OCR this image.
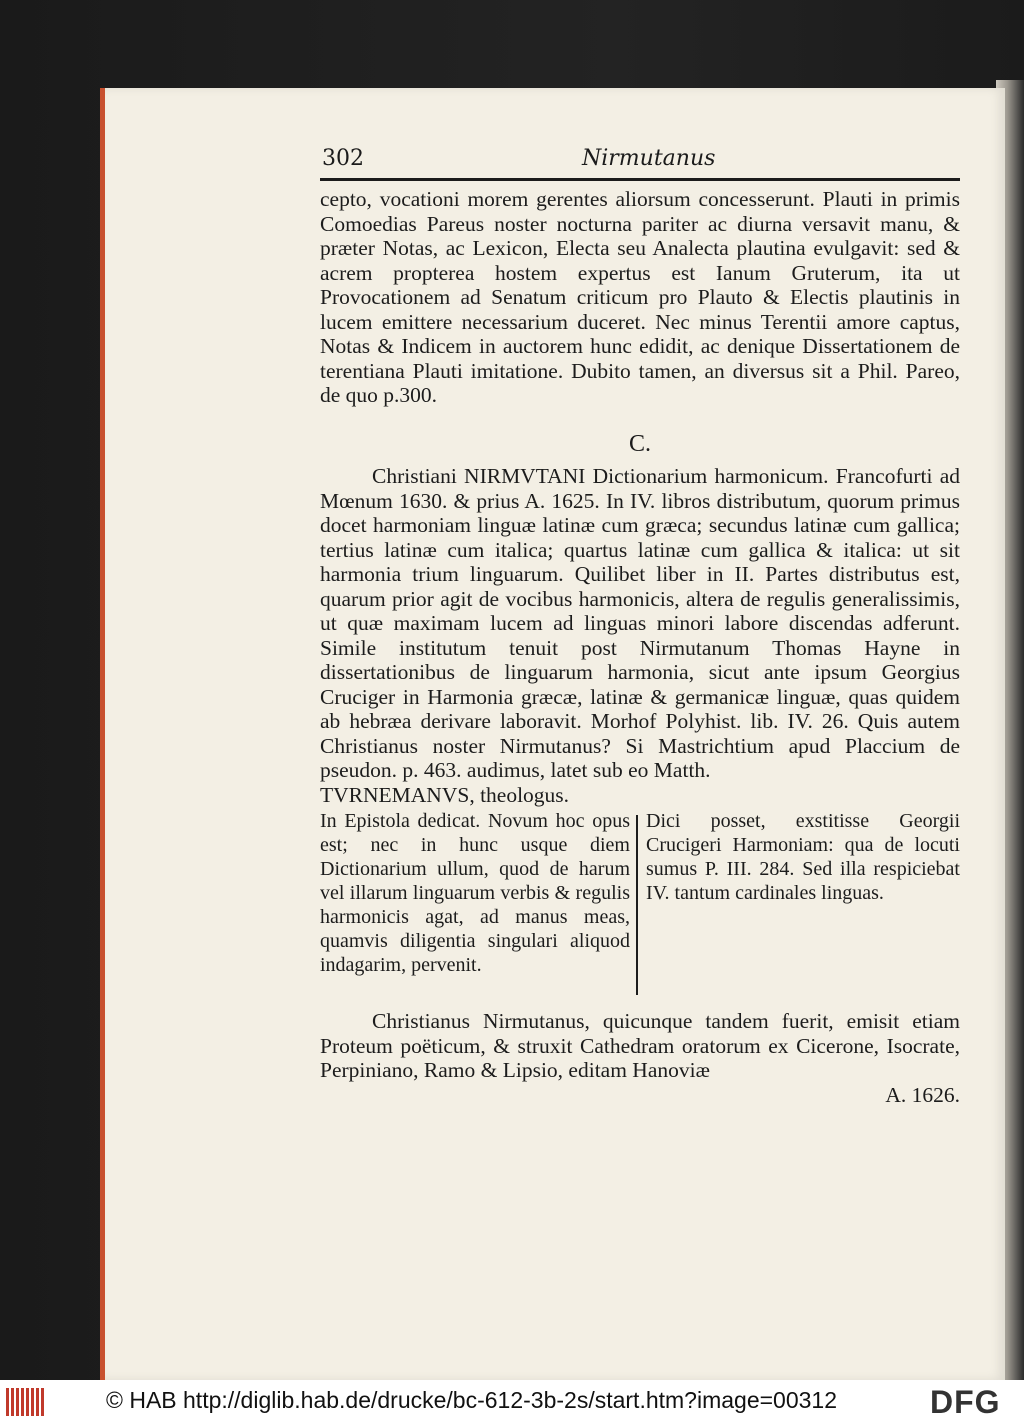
302	Nirmutanus

cepto, vocationi morem gerentes aliorsum concesserunt. Plauti in primis Comoedias Pareus noster nocturna pariter ac diurna versavit manu, & præter Notas, ac Lexicon, Electa seu Analecta plautina evulgavit: sed & acrem propterea hostem expertus est Ianum Gruterum, ita ut Provocationem ad Senatum criticum pro Plauto & Electis plautinis in lucem emittere necessarium duceret. Nec minus Terentii amore captus, Notas & Indicem in auctorem hunc edidit, ac denique Dissertationem de terentiana Plauti imitatione. Dubito tamen, an diversus sit a Phil. Pareo, de quo p.300.

C.

Christiani NIRMVTANI Dictionarium harmonicum. Francofurti ad Mœnum 1630. & prius A. 1625. In IV. libros distributum, quorum primus docet harmoniam linguæ latinæ cum græca; secundus latinæ cum gallica; tertius latinæ cum italica; quartus latinæ cum gallica & italica: ut sit harmonia trium linguarum. Quilibet liber in II. Partes distributus est, quarum prior agit de vocibus harmonicis, altera de regulis generalissimis, ut quæ maximam lucem ad linguas minori labore discendas adferunt. Simile institutum tenuit post Nirmutanum Thomas Hayne in dissertationibus de linguarum harmonia, sicut ante ipsum Georgius Cruciger in Harmonia græcæ, latinæ & germanicæ linguæ, quas quidem ab hebræa derivare laboravit. Morhof Polyhist. lib. IV. 26. Quis autem Christianus noster Nirmutanus? Si Mastrichtium apud Placcium de pseudon. p. 463. audimus, latet sub eo Matth.

TVRNEMANVS, theologus.

In Epistola dedicat. Novum hoc opus est; nec in hunc usque diem Dictionarium ullum, quod de harum vel illarum linguarum verbis & regulis harmonicis agat, ad manus meas, quamvis diligentia singulari aliquod indagarim, pervenit.

Dici posset, exstitisse Georgii Crucigeri Harmoniam: qua de locuti sumus P. III. 284. Sed illa respiciebat IV. tantum cardinales linguas.

Christianus Nirmutanus, quicunque tandem fuerit, emisit etiam Proteum poëticum, & struxit Cathedram oratorum ex Cicerone, Isocrate, Perpiniano, Ramo & Lipsio, editam Hanoviæ

A. 1626.

© HAB http://diglib.hab.de/drucke/bc-612-3b-2s/start.htm?image=00312	DFG
